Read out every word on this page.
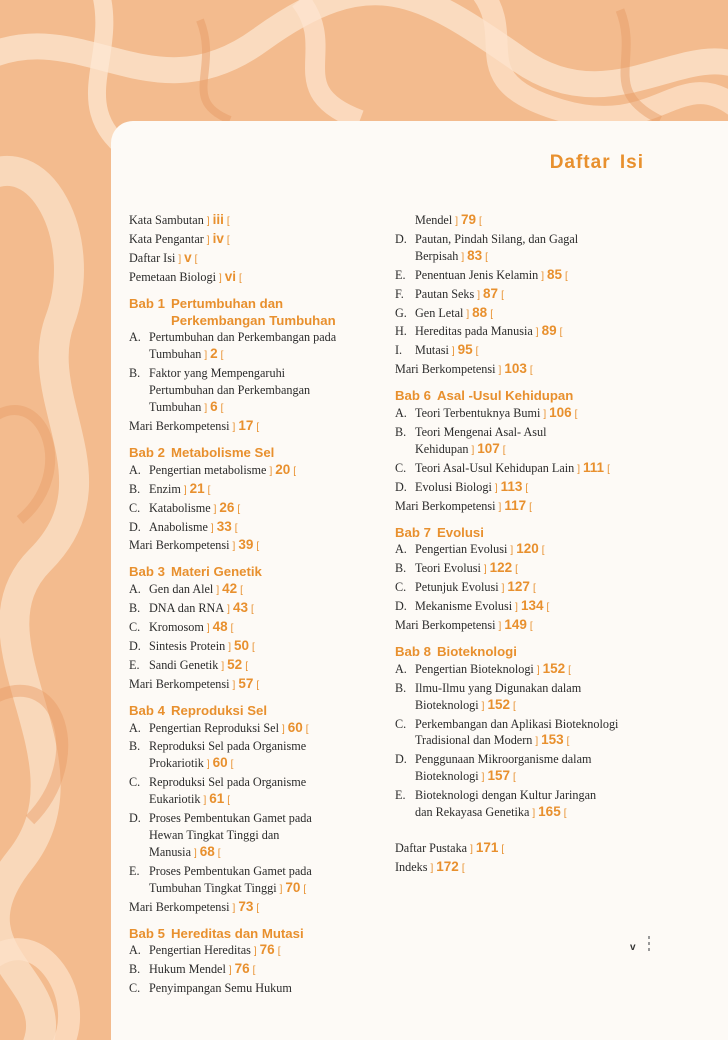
Daftar Isi
Kata Sambutan ] iii [
Kata Pengantar ] iv [
Daftar Isi ] v [
Pemetaan Biologi ] vi [
Bab 1 Pertumbuhan dan
Perkembangan Tumbuhan
A. Pertumbuhan dan Perkembangan pada
Tumbuhan ] 2 [
B. Faktor yang Mempengaruhi
Pertumbuhan dan Perkembangan
Tumbuhan ] 6 [
Mari Berkompetensi ] 17 [
Bab 2 Metabolisme Sel
A. Pengertian metabolisme ] 20 [
B. Enzim ] 21 [
C. Katabolisme ] 26 [
D. Anabolisme ] 33 [
Mari Berkompetensi ] 39 [
Bab 3 Materi Genetik
A. Gen dan Alel ] 42 [
B. DNA dan RNA ] 43 [
C. Kromosom ] 48 [
D. Sintesis Protein ] 50 [
E. Sandi Genetik ] 52 [
Mari Berkompetensi ] 57 [
Bab 4 Reproduksi Sel
A. Pengertian Reproduksi Sel ] 60 [
B. Reproduksi Sel pada Organisme
Prokariotik ] 60 [
C. Reproduksi Sel pada Organisme
Eukariotik ] 61 [
D. Proses Pembentukan Gamet pada
Hewan Tingkat Tinggi dan
Manusia ] 68 [
E. Proses Pembentukan Gamet pada
Tumbuhan Tingkat Tinggi ] 70 [
Mari Berkompetensi ] 73 [
Bab 5 Hereditas dan Mutasi
A. Pengertian Hereditas ] 76 [
B. Hukum Mendel ] 76 [
C. Penyimpangan Semu Hukum
Mendel ] 79 [
D. Pautan, Pindah Silang, dan Gagal
Berpisah ] 83 [
E. Penentuan Jenis Kelamin ] 85 [
F. Pautan Seks ] 87 [
G. Gen Letal ] 88 [
H. Hereditas pada Manusia ] 89 [
I. Mutasi ] 95 [
Mari Berkompetensi ] 103 [
Bab 6 Asal -Usul Kehidupan
A. Teori Terbentuknya Bumi ] 106 [
B. Teori Mengenai Asal- Asul
Kehidupan ] 107 [
C. Teori Asal-Usul Kehidupan Lain ] 111 [
D. Evolusi Biologi ] 113 [
Mari Berkompetensi ] 117 [
Bab 7 Evolusi
A. Pengertian Evolusi ] 120 [
B. Teori Evolusi ] 122 [
C. Petunjuk Evolusi ] 127 [
D. Mekanisme Evolusi ] 134 [
Mari Berkompetensi ] 149 [
Bab 8 Bioteknologi
A. Pengertian Bioteknologi ] 152 [
B. Ilmu-Ilmu yang Digunakan dalam
Bioteknologi ] 152 [
C. Perkembangan dan Aplikasi Bioteknologi
Tradisional dan Modern ] 153 [
D. Penggunaan Mikroorganisme dalam
Bioteknologi ] 157 [
E. Bioteknologi dengan Kultur Jaringan
dan Rekayasa Genetika ] 165 [
Daftar Pustaka ] 171 [
Indeks ] 172 [
v
